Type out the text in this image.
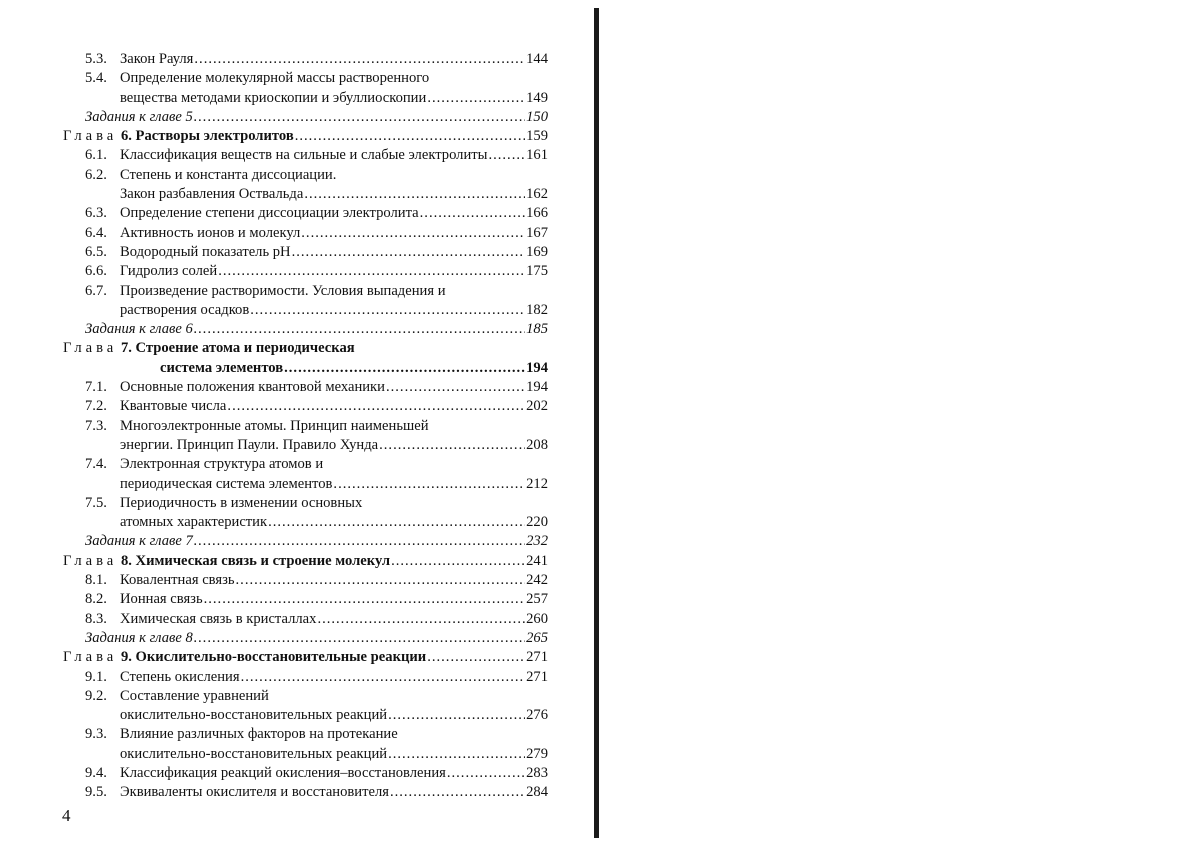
5.3. Закон Рауля .....	144
5.4. Определение молекулярной массы растворенного
вещества методами криоскопии и эбуллиоскопии .....	149
Задания к главе 5 .....	150
Глава 6. Растворы электролитов .....	159
6.1. Классификация веществ на сильные и слабые электролиты .....	161
6.2. Степень и константа диссоциации.
Закон разбавления Оствальда .....	162
6.3. Определение степени диссоциации электролита .....	166
6.4. Активность ионов и молекул .....	167
6.5. Водородный показатель pH .....	169
6.6. Гидролиз солей .....	175
6.7. Произведение растворимости. Условия выпадения и
растворения осадков .....	182
Задания к главе 6 .....	185
Глава 7. Строение атома и периодическая
система элементов .....	194
7.1. Основные положения квантовой механики .....	194
7.2. Квантовые числа .....	202
7.3. Многоэлектронные атомы. Принцип наименьшей
энергии. Принцип Паули. Правило Хунда .....	208
7.4. Электронная структура атомов и
периодическая система элементов .....	212
7.5. Периодичность в изменении основных
атомных характеристик .....	220
Задания к главе 7 .....	232
Глава 8. Химическая связь и строение молекул .....	241
8.1. Ковалентная связь .....	242
8.2. Ионная связь .....	257
8.3. Химическая связь в кристаллах .....	260
Задания к главе 8 .....	265
Глава 9. Окислительно-восстановительные реакции .....	271
9.1. Степень окисления .....	271
9.2. Составление уравнений
окислительно-восстановительных реакций .....	276
9.3. Влияние различных факторов на протекание
окислительно-восстановительных реакций .....	279
9.4. Классификация реакций окисления–восстановления .....	283
9.5. Эквиваленты окислителя и восстановителя .....	284
4
